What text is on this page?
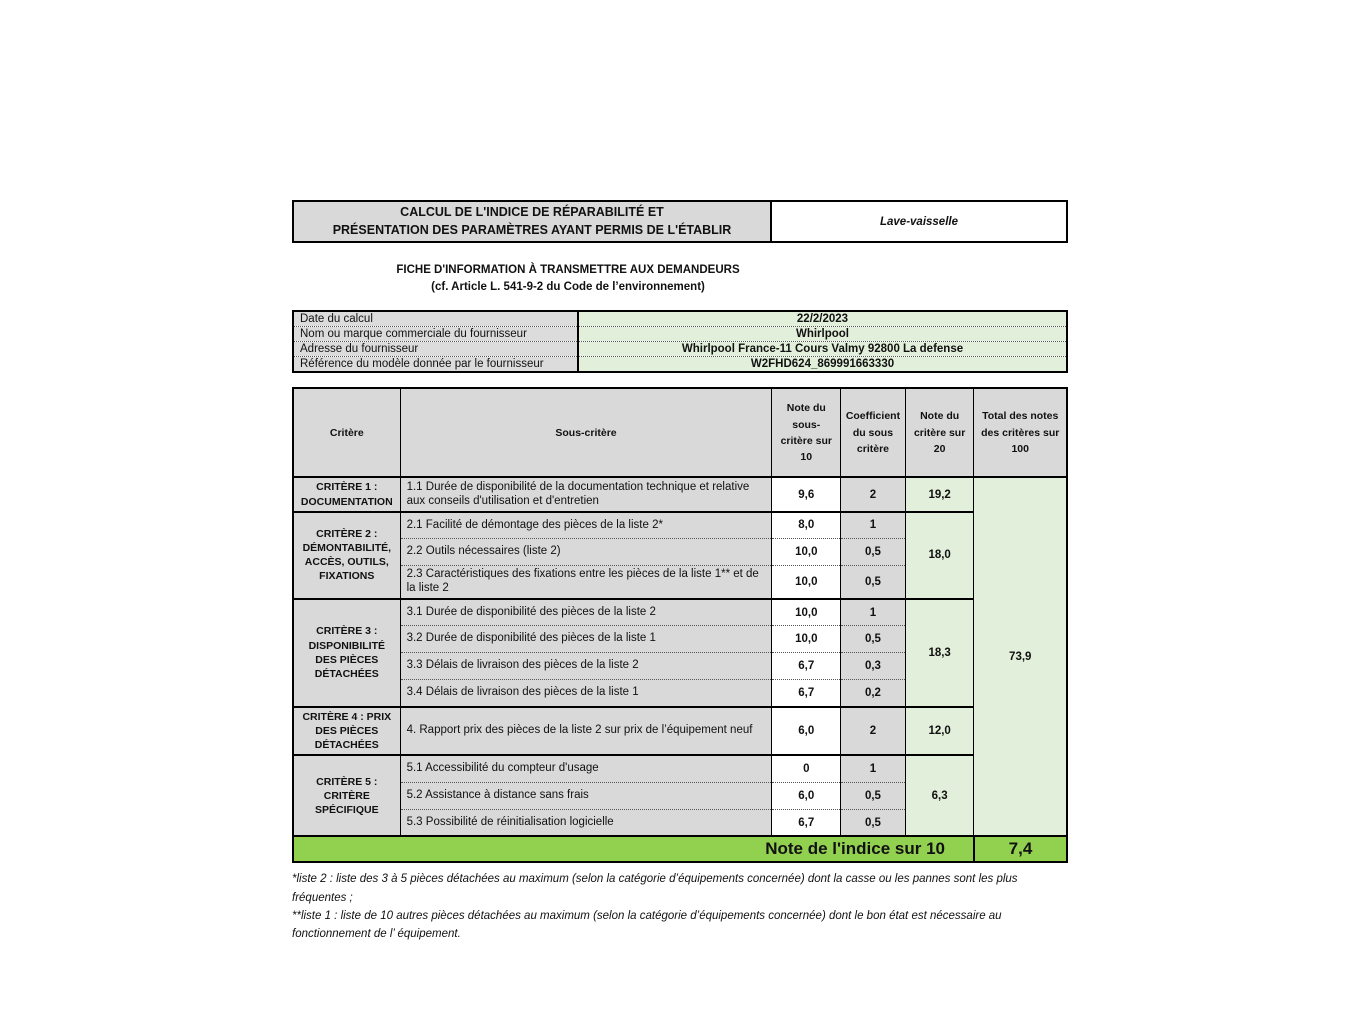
CALCUL DE L'INDICE DE RÉPARABILITÉ ET
PRÉSENTATION DES PARAMÈTRES AYANT PERMIS DE L'ÉTABLIR
Lave-vaisselle
FICHE D'INFORMATION À TRANSMETTRE AUX DEMANDEURS
(cf. Article L. 541-9-2 du Code de l’environnement)
Date du calcul	22/2/2023
Nom ou marque commerciale du fournisseur	Whirlpool
Adresse du fournisseur	Whirlpool France-11 Cours Valmy 92800 La defense
Référence du modèle donnée par le fournisseur	W2FHD624_869991663330
Critère	Sous-critère	Note du sous-critère sur 10	Coefficient du sous critère	Note du critère sur 20	Total des notes des critères sur 100
CRITÈRE 1 : DOCUMENTATION	1.1 Durée de disponibilité de la documentation technique et relative aux conseils d'utilisation et d'entretien	9,6	2	19,2	73,9
CRITÈRE 2 : DÉMONTABILITÉ, ACCÈS, OUTILS, FIXATIONS	2.1 Facilité de démontage des pièces de la liste 2*	8,0	1	18,0	
	2.2 Outils nécessaires (liste 2)	10,0	0,5		
	2.3 Caractéristiques des fixations entre les pièces de la liste 1** et de la liste 2	10,0	0,5		
CRITÈRE 3 : DISPONIBILITÉ DES PIÈCES DÉTACHÉES	3.1 Durée de disponibilité des pièces de la liste 2	10,0	1	18,3	
	3.2 Durée de disponibilité des pièces de la liste 1	10,0	0,5		
	3.3 Délais de livraison des pièces de la liste 2	6,7	0,3		
	3.4 Délais de livraison des pièces de la liste 1	6,7	0,2		
CRITÈRE 4 : PRIX DES PIÈCES DÉTACHÉES	4. Rapport prix des pièces de la liste 2 sur prix de l’équipement neuf	6,0	2	12,0	
CRITÈRE 5 : CRITÈRE SPÉCIFIQUE	5.1 Accessibilité du compteur d'usage	0	1	6,3	
	5.2 Assistance à distance sans frais	6,0	0,5		
	5.3 Possibilité de réinitialisation logicielle	6,7	0,5		
Note de l'indice sur 10					7,4
*liste 2 : liste des 3 à 5 pièces détachées au maximum (selon la catégorie d’équipements concernée) dont la casse ou les pannes sont les plus fréquentes ;
**liste 1 : liste de 10 autres pièces détachées au maximum (selon la catégorie d’équipements concernée) dont le bon état est nécessaire au fonctionnement de l’ équipement.
